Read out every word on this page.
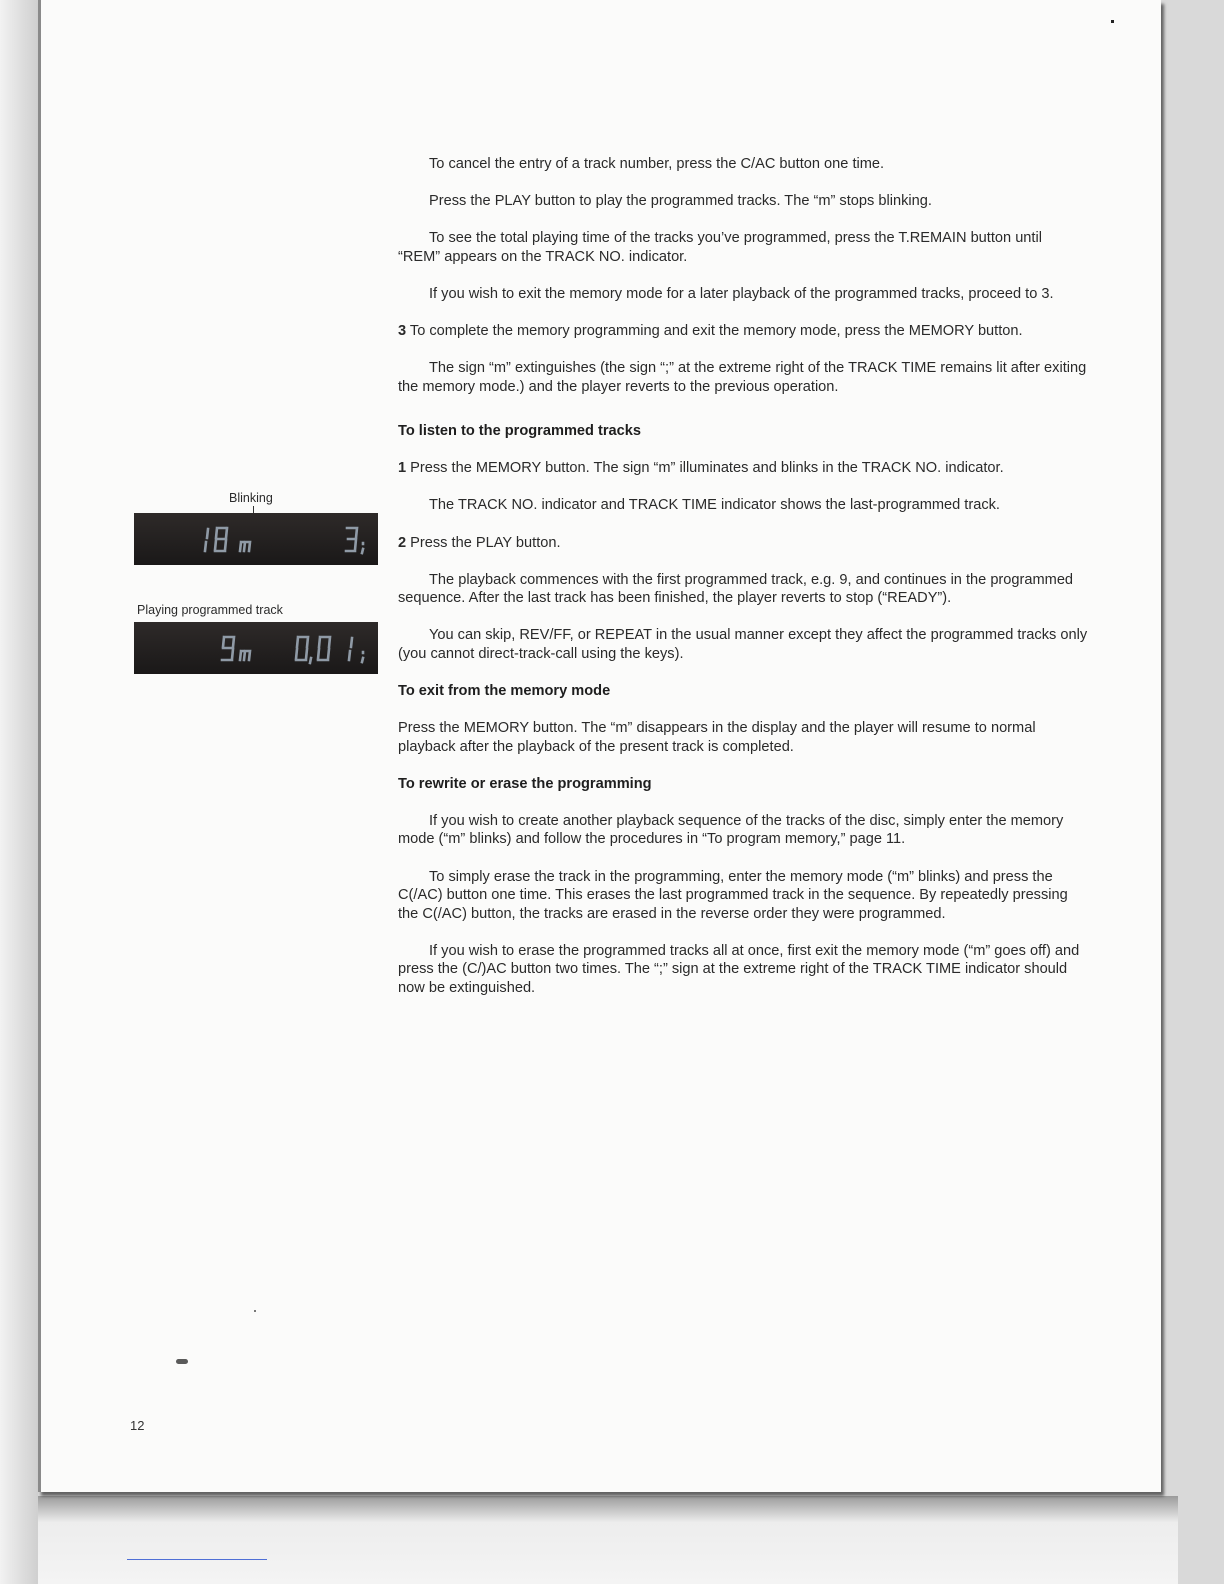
To cancel the entry of a track number, press the C/AC button one time.

Press the PLAY button to play the programmed tracks. The “m” stops blinking.

To see the total playing time of the tracks you’ve programmed, press the T.REMAIN button until “REM” appears on the TRACK NO. indicator.

If you wish to exit the memory mode for a later playback of the programmed tracks, proceed to 3.

3 To complete the memory programming and exit the memory mode, press the MEMORY button.

The sign “m” extinguishes (the sign “;” at the extreme right of the TRACK TIME remains lit after exiting the memory mode.) and the player reverts to the previous operation.

To listen to the programmed tracks

1 Press the MEMORY button. The sign “m” illuminates and blinks in the TRACK NO. indicator.

The TRACK NO. indicator and TRACK TIME indicator shows the last-programmed track.

2 Press the PLAY button.

The playback commences with the first programmed track, e.g. 9, and continues in the programmed sequence. After the last track has been finished, the player reverts to stop (“READY”).

You can skip, REV/FF, or REPEAT in the usual manner except they affect the programmed tracks only (you cannot direct-track-call using the keys).

To exit from the memory mode

Press the MEMORY button. The “m” disappears in the display and the player will resume to normal playback after the playback of the present track is completed.

To rewrite or erase the programming

If you wish to create another playback sequence of the tracks of the disc, simply enter the memory mode (“m” blinks) and follow the procedures in “To program memory,” page 11.

To simply erase the track in the programming, enter the memory mode (“m” blinks) and press the C(/AC) button one time. This erases the last programmed track in the sequence. By repeatedly pressing the C(/AC) button, the tracks are erased in the reverse order they were programmed.

If you wish to erase the programmed tracks all at once, first exit the memory mode (“m” goes off) and press the (C/)AC button two times. The “;” sign at the extreme right of the TRACK TIME indicator should now be extinguished.

Blinking
Playing programmed track
12
